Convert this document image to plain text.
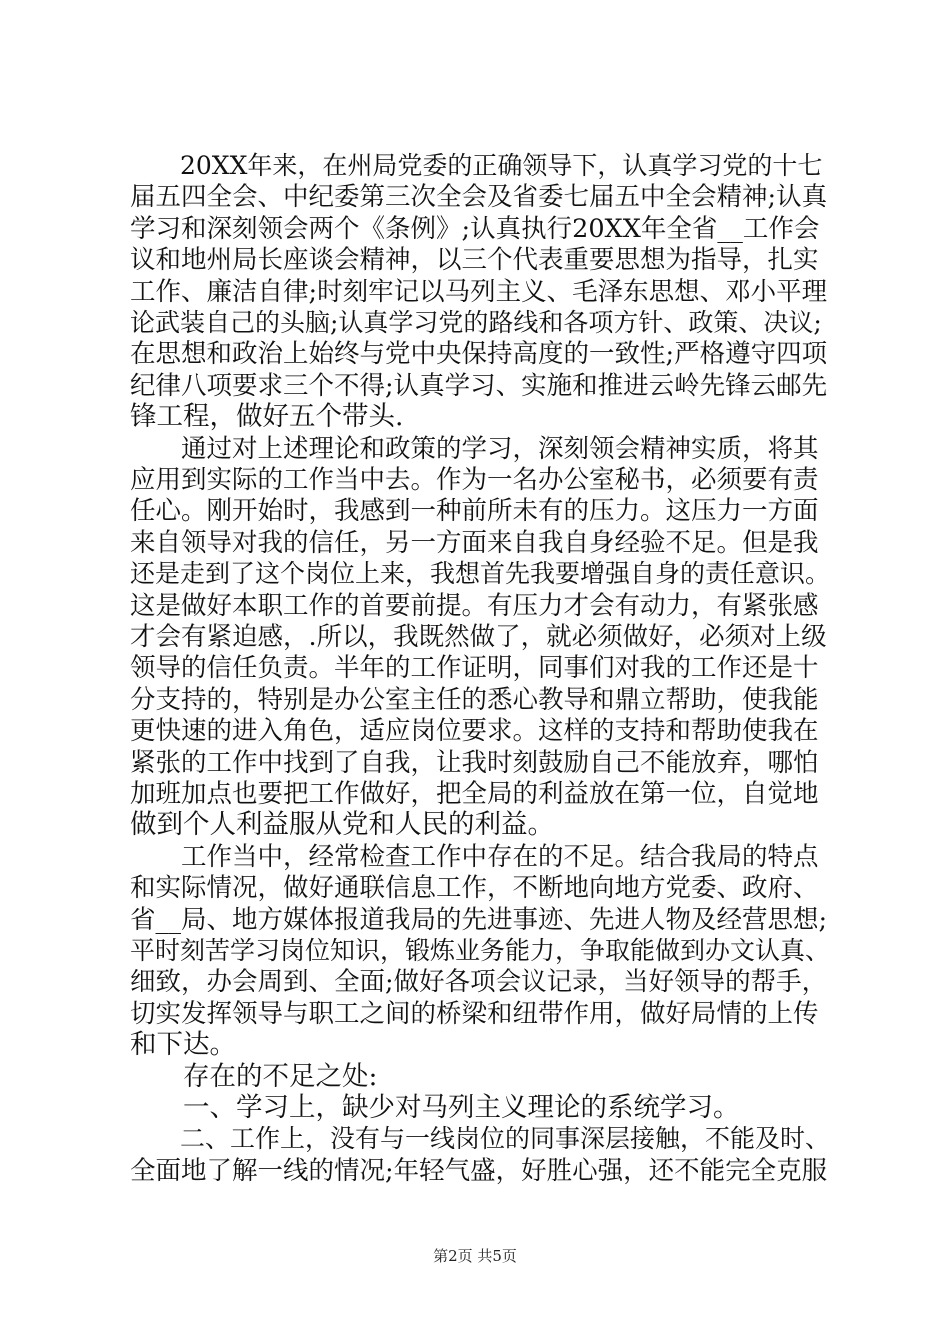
　　20XX年来，在州局党委的正确领导下，认真学习党的十七
届五四全会、中纪委第三次全会及省委七届五中全会精神;认真
学习和深刻领会两个《条例》;认真执行20XX年全省__工作会
议和地州局长座谈会精神，以三个代表重要思想为指导，扎实
工作、廉洁自律;时刻牢记以马列主义、毛泽东思想、邓小平理
论武装自己的头脑;认真学习党的路线和各项方针、政策、决议;
在思想和政治上始终与党中央保持高度的一致性;严格遵守四项
纪律八项要求三个不得;认真学习、实施和推进云岭先锋云邮先
锋工程，做好五个带头.
　　通过对上述理论和政策的学习，深刻领会精神实质，将其
应用到实际的工作当中去。作为一名办公室秘书，必须要有责
任心。刚开始时，我感到一种前所未有的压力。这压力一方面
来自领导对我的信任，另一方面来自我自身经验不足。但是我
还是走到了这个岗位上来，我想首先我要增强自身的责任意识。
这是做好本职工作的首要前提。有压力才会有动力，有紧张感
才会有紧迫感，.所以，我既然做了，就必须做好，必须对上级
领导的信任负责。半年的工作证明，同事们对我的工作还是十
分支持的，特别是办公室主任的悉心教导和鼎立帮助，使我能
更快速的进入角色，适应岗位要求。这样的支持和帮助使我在
紧张的工作中找到了自我，让我时刻鼓励自己不能放弃，哪怕
加班加点也要把工作做好，把全局的利益放在第一位，自觉地
做到个人利益服从党和人民的利益。
　　工作当中，经常检查工作中存在的不足。结合我局的特点
和实际情况，做好通联信息工作，不断地向地方党委、政府、
省__局、地方媒体报道我局的先进事迹、先进人物及经营思想;
平时刻苦学习岗位知识，锻炼业务能力，争取能做到办文认真、
细致，办会周到、全面;做好各项会议记录，当好领导的帮手，
切实发挥领导与职工之间的桥梁和纽带作用，做好局情的上传
和下达。
　　存在的不足之处:
　　一、学习上，缺少对马列主义理论的系统学习。
　　二、工作上，没有与一线岗位的同事深层接触，不能及时、
全面地了解一线的情况;年轻气盛，好胜心强，还不能完全克服
第2页 共5页
